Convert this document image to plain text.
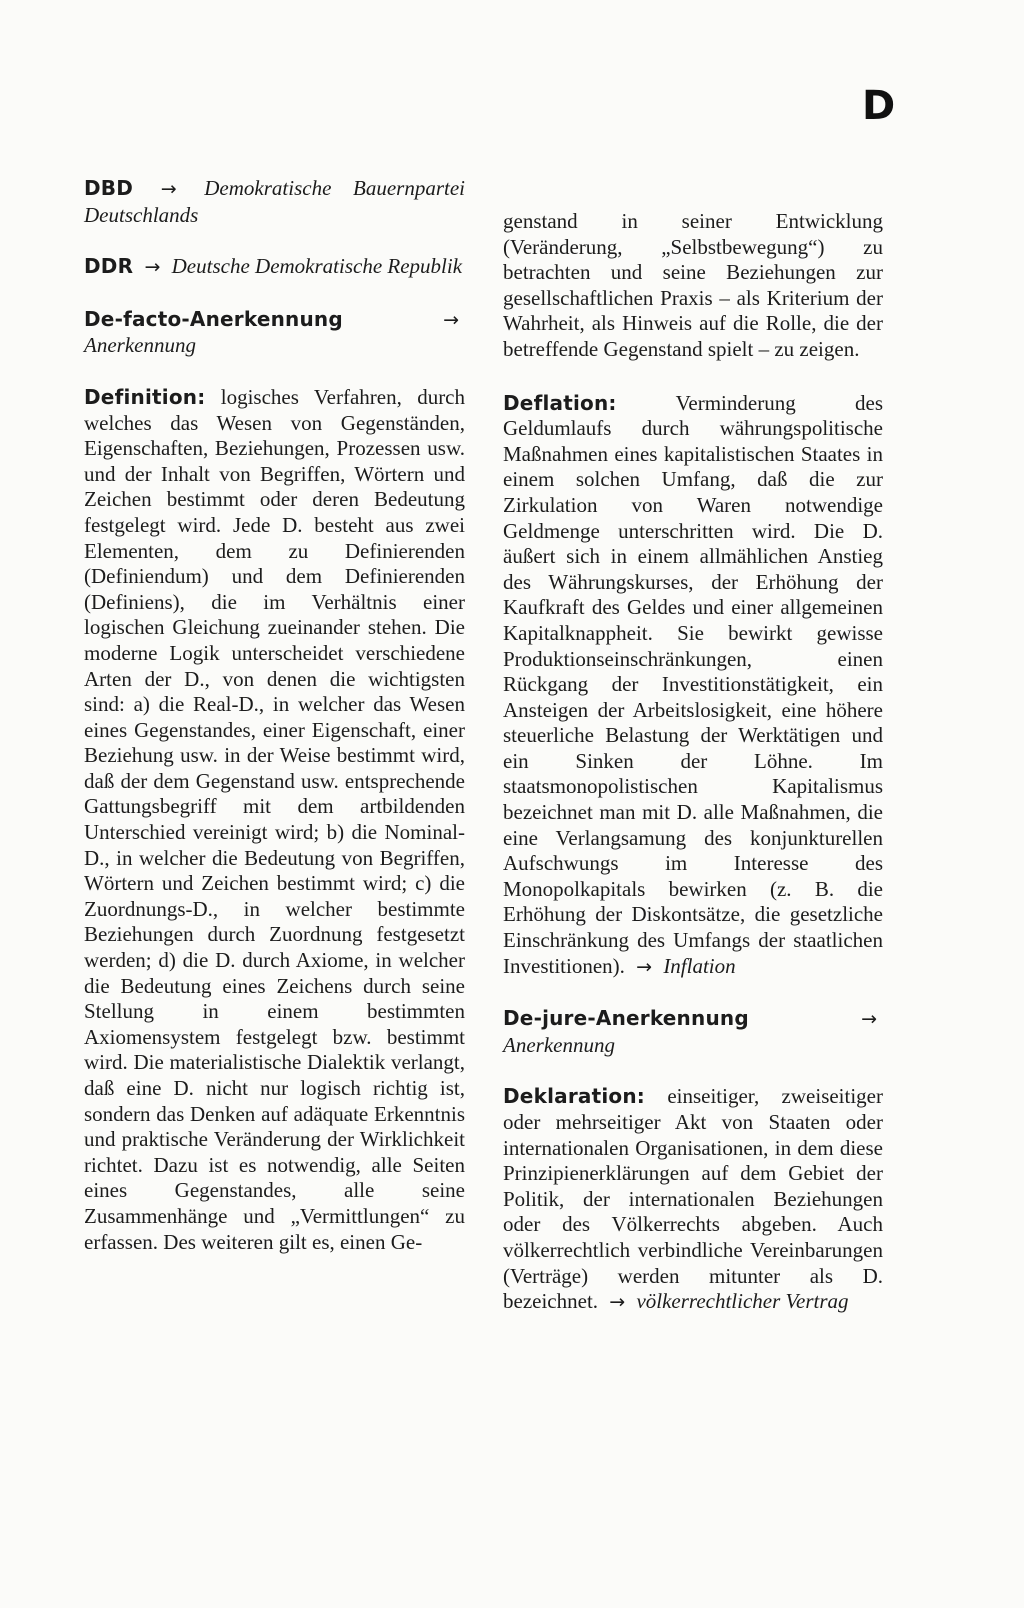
D

DBD → Demokratische Bauernpartei Deutschlands

DDR → Deutsche Demokratische Republik

De-facto-Anerkennung	→ Anerkennung

Definition: logisches Verfahren, durch welches das Wesen von Gegenständen, Eigenschaften, Beziehungen, Prozessen usw. und der Inhalt von Begriffen, Wörtern und Zeichen bestimmt oder deren Bedeutung festgelegt wird. Jede D. besteht aus zwei Elementen, dem zu Definierenden (Definiendum) und dem Definierenden (Definiens), die im Verhältnis einer logischen Gleichung zueinander stehen. Die moderne Logik unterscheidet verschiedene Arten der D., von denen die wichtigsten sind: a) die Real-D., in welcher das Wesen eines Gegenstandes, einer Eigenschaft, einer Beziehung usw. in der Weise bestimmt wird, daß der dem Gegenstand usw. entsprechende Gattungsbegriff mit dem artbildenden Unterschied vereinigt wird; b) die Nominal-D., in welcher die Bedeutung von Begriffen, Wörtern und Zeichen bestimmt wird; c) die Zuordnungs-D., in welcher bestimmte Beziehungen durch Zuordnung festgesetzt werden; d) die D. durch Axiome, in welcher die Bedeutung eines Zeichens durch seine Stellung in einem bestimmten Axiomensystem festgelegt bzw. bestimmt wird. Die materialistische Dialektik verlangt, daß eine D. nicht nur logisch richtig ist, sondern das Denken auf adäquate Erkenntnis und praktische Veränderung der Wirklichkeit richtet. Dazu ist es notwendig, alle Seiten eines Gegenstandes, alle seine Zusammenhänge und „Vermittlungen“ zu erfassen. Des weiteren gilt es, einen Ge-

genstand in seiner Entwicklung (Veränderung, „Selbstbewegung“) zu betrachten und seine Beziehungen zur gesellschaftlichen Praxis – als Kriterium der Wahrheit, als Hinweis auf die Rolle, die der betreffende Gegenstand spielt – zu zeigen.

Deflation:	Verminderung des Geldumlaufs durch währungspolitische Maßnahmen eines kapitalistischen Staates in einem solchen Umfang, daß die zur Zirkulation von Waren notwendige Geldmenge unterschritten wird. Die D. äußert sich in einem allmählichen Anstieg des Währungskurses, der Erhöhung der Kaufkraft des Geldes und einer allgemeinen Kapitalknappheit. Sie bewirkt gewisse Produktionseinschränkungen, einen Rückgang der Investitionstätigkeit, ein Ansteigen der Arbeitslosigkeit, eine höhere steuerliche Belastung der Werktätigen und ein Sinken der Löhne. Im staatsmonopolistischen Kapitalismus bezeichnet man mit D. alle Maßnahmen, die eine Verlangsamung des konjunkturellen Aufschwungs im Interesse des Monopolkapitals bewirken (z. B. die Erhöhung der Diskontsätze, die gesetzliche Einschränkung des Umfangs der staatlichen Investitionen). → Inflation

De-jure-Anerkennung	→ Anerkennung

Deklaration: einseitiger, zweiseitiger oder mehrseitiger Akt von Staaten oder internationalen Organisationen, in dem diese Prinzipienerklärungen auf dem Gebiet der Politik, der internationalen Beziehungen oder des Völkerrechts abgeben. Auch völkerrechtlich verbindliche Vereinbarungen (Verträge) werden mitunter als D. bezeichnet. → völkerrechtlicher Vertrag
